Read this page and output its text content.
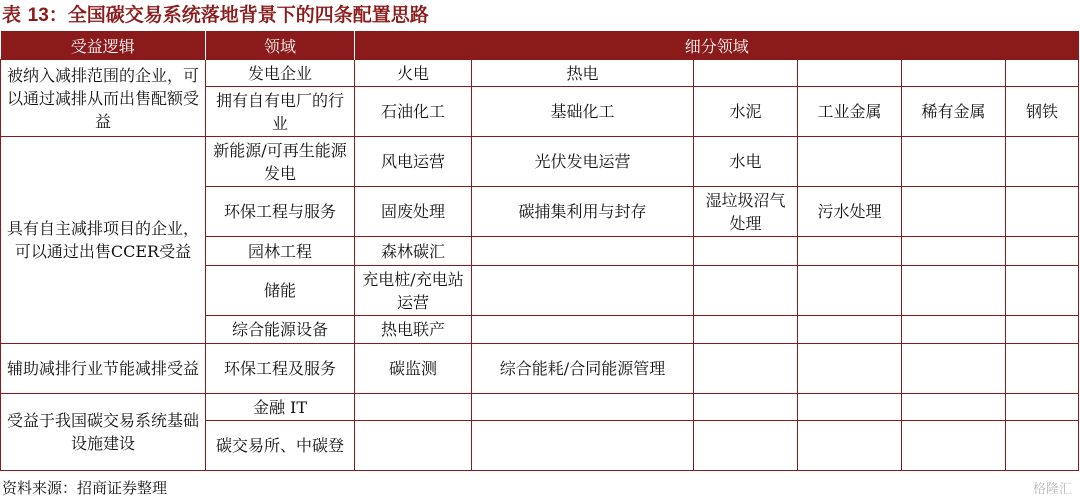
表 13：全国碳交易系统落地背景下的四条配置思路
受益逻辑	领域	细分领域					
被纳入减排范围的企业，可以通过减排从而出售配额受益	发电企业	火电	热电				
	拥有自有电厂的行业	石油化工	基础化工	水泥	工业金属	稀有金属	钢铁
具有自主减排项目的企业，可以通过出售CCER受益	新能源/可再生能源发电	风电运营	光伏发电运营	水电			
	环保工程与服务	固废处理	碳捕集利用与封存	湿垃圾沼气处理	污水处理		
	园林工程	森林碳汇					
	储能	充电桩/充电站运营					
	综合能源设备	热电联产					
辅助减排行业节能减排受益	环保工程及服务	碳监测	综合能耗/合同能源管理				
受益于我国碳交易系统基础设施建设	金融 IT						
	碳交易所、中碳登						
资料来源：招商证券整理	格隆汇
